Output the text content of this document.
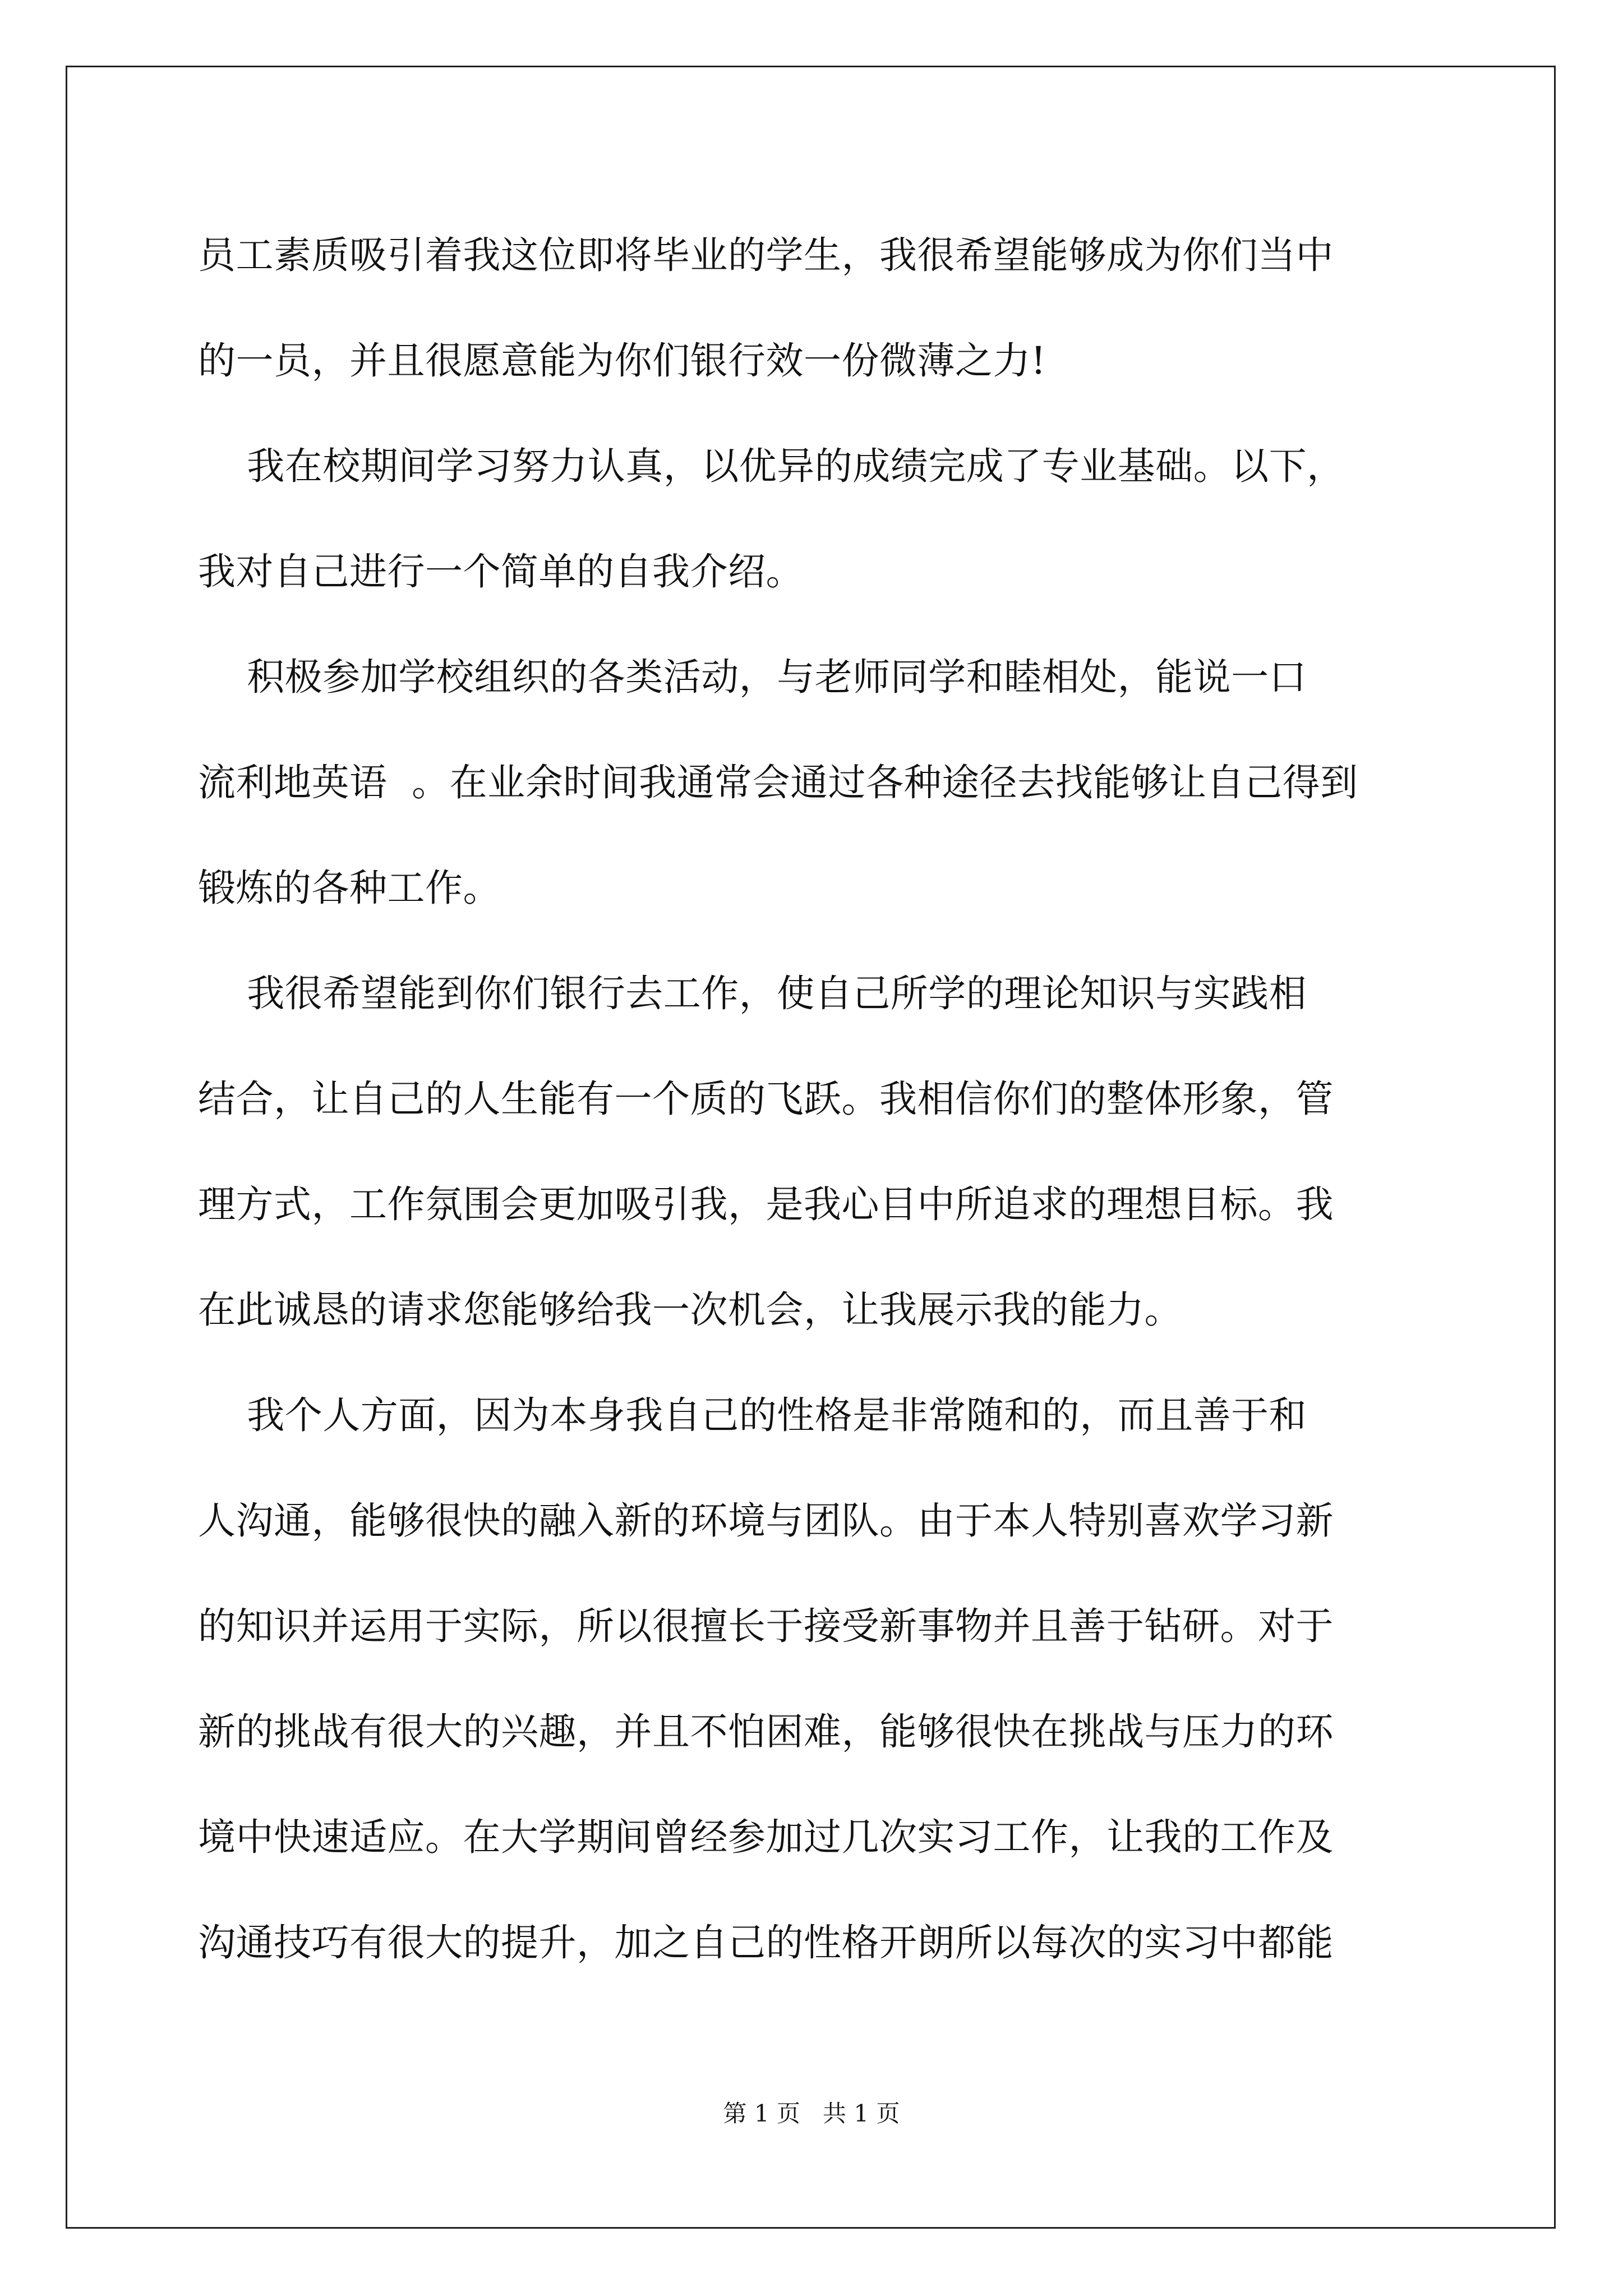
员工素质吸引着我这位即将毕业的学生，我很希望能够成为你们当中
的一员，并且很愿意能为你们银行效一份微薄之力!
我在校期间学习努力认真，以优异的成绩完成了专业基础。以下，
我对自己进行一个简单的自我介绍。
积极参加学校组织的各类活动，与老师同学和睦相处，能说一口
流利地英语  。在业余时间我通常会通过各种途径去找能够让自己得到
锻炼的各种工作。
我很希望能到你们银行去工作，使自己所学的理论知识与实践相
结合，让自己的人生能有一个质的飞跃。我相信你们的整体形象，管
理方式，工作氛围会更加吸引我，是我心目中所追求的理想目标。我
在此诚恳的请求您能够给我一次机会，让我展示我的能力。
我个人方面，因为本身我自己的性格是非常随和的，而且善于和
人沟通，能够很快的融入新的环境与团队。由于本人特别喜欢学习新
的知识并运用于实际，所以很擅长于接受新事物并且善于钻研。对于
新的挑战有很大的兴趣，并且不怕困难，能够很快在挑战与压力的环
境中快速适应。在大学期间曾经参加过几次实习工作，让我的工作及
沟通技巧有很大的提升，加之自己的性格开朗所以每次的实习中都能
第 1 页   共 1 页
